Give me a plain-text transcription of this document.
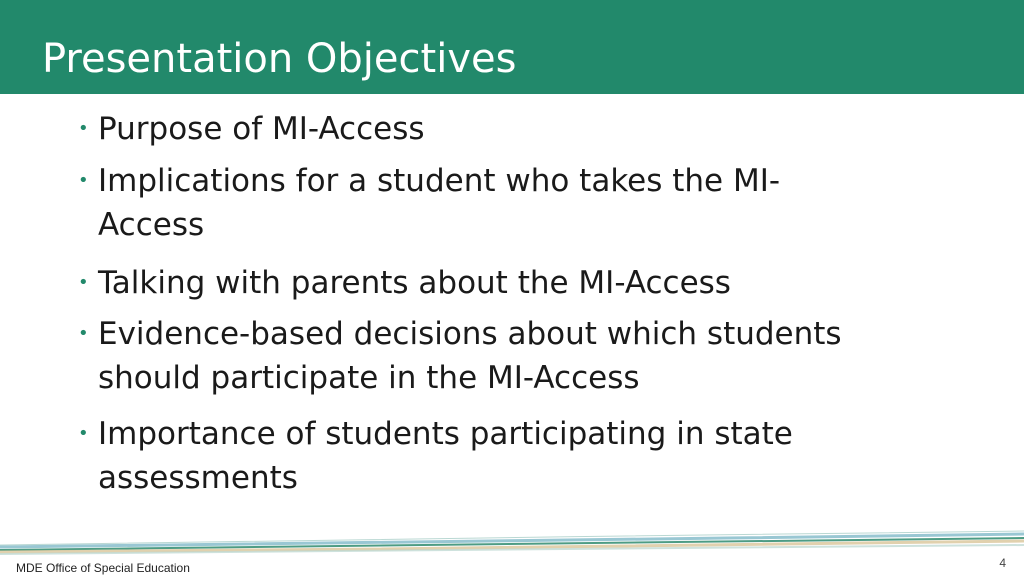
Presentation Objectives
• Purpose of MI-Access
• Implications for a student who takes the MI-
Access
• Talking with parents about the MI-Access
• Evidence-based decisions about which students
should participate in the MI-Access
• Importance of students participating in state
assessments
MDE Office of Special Education	4
